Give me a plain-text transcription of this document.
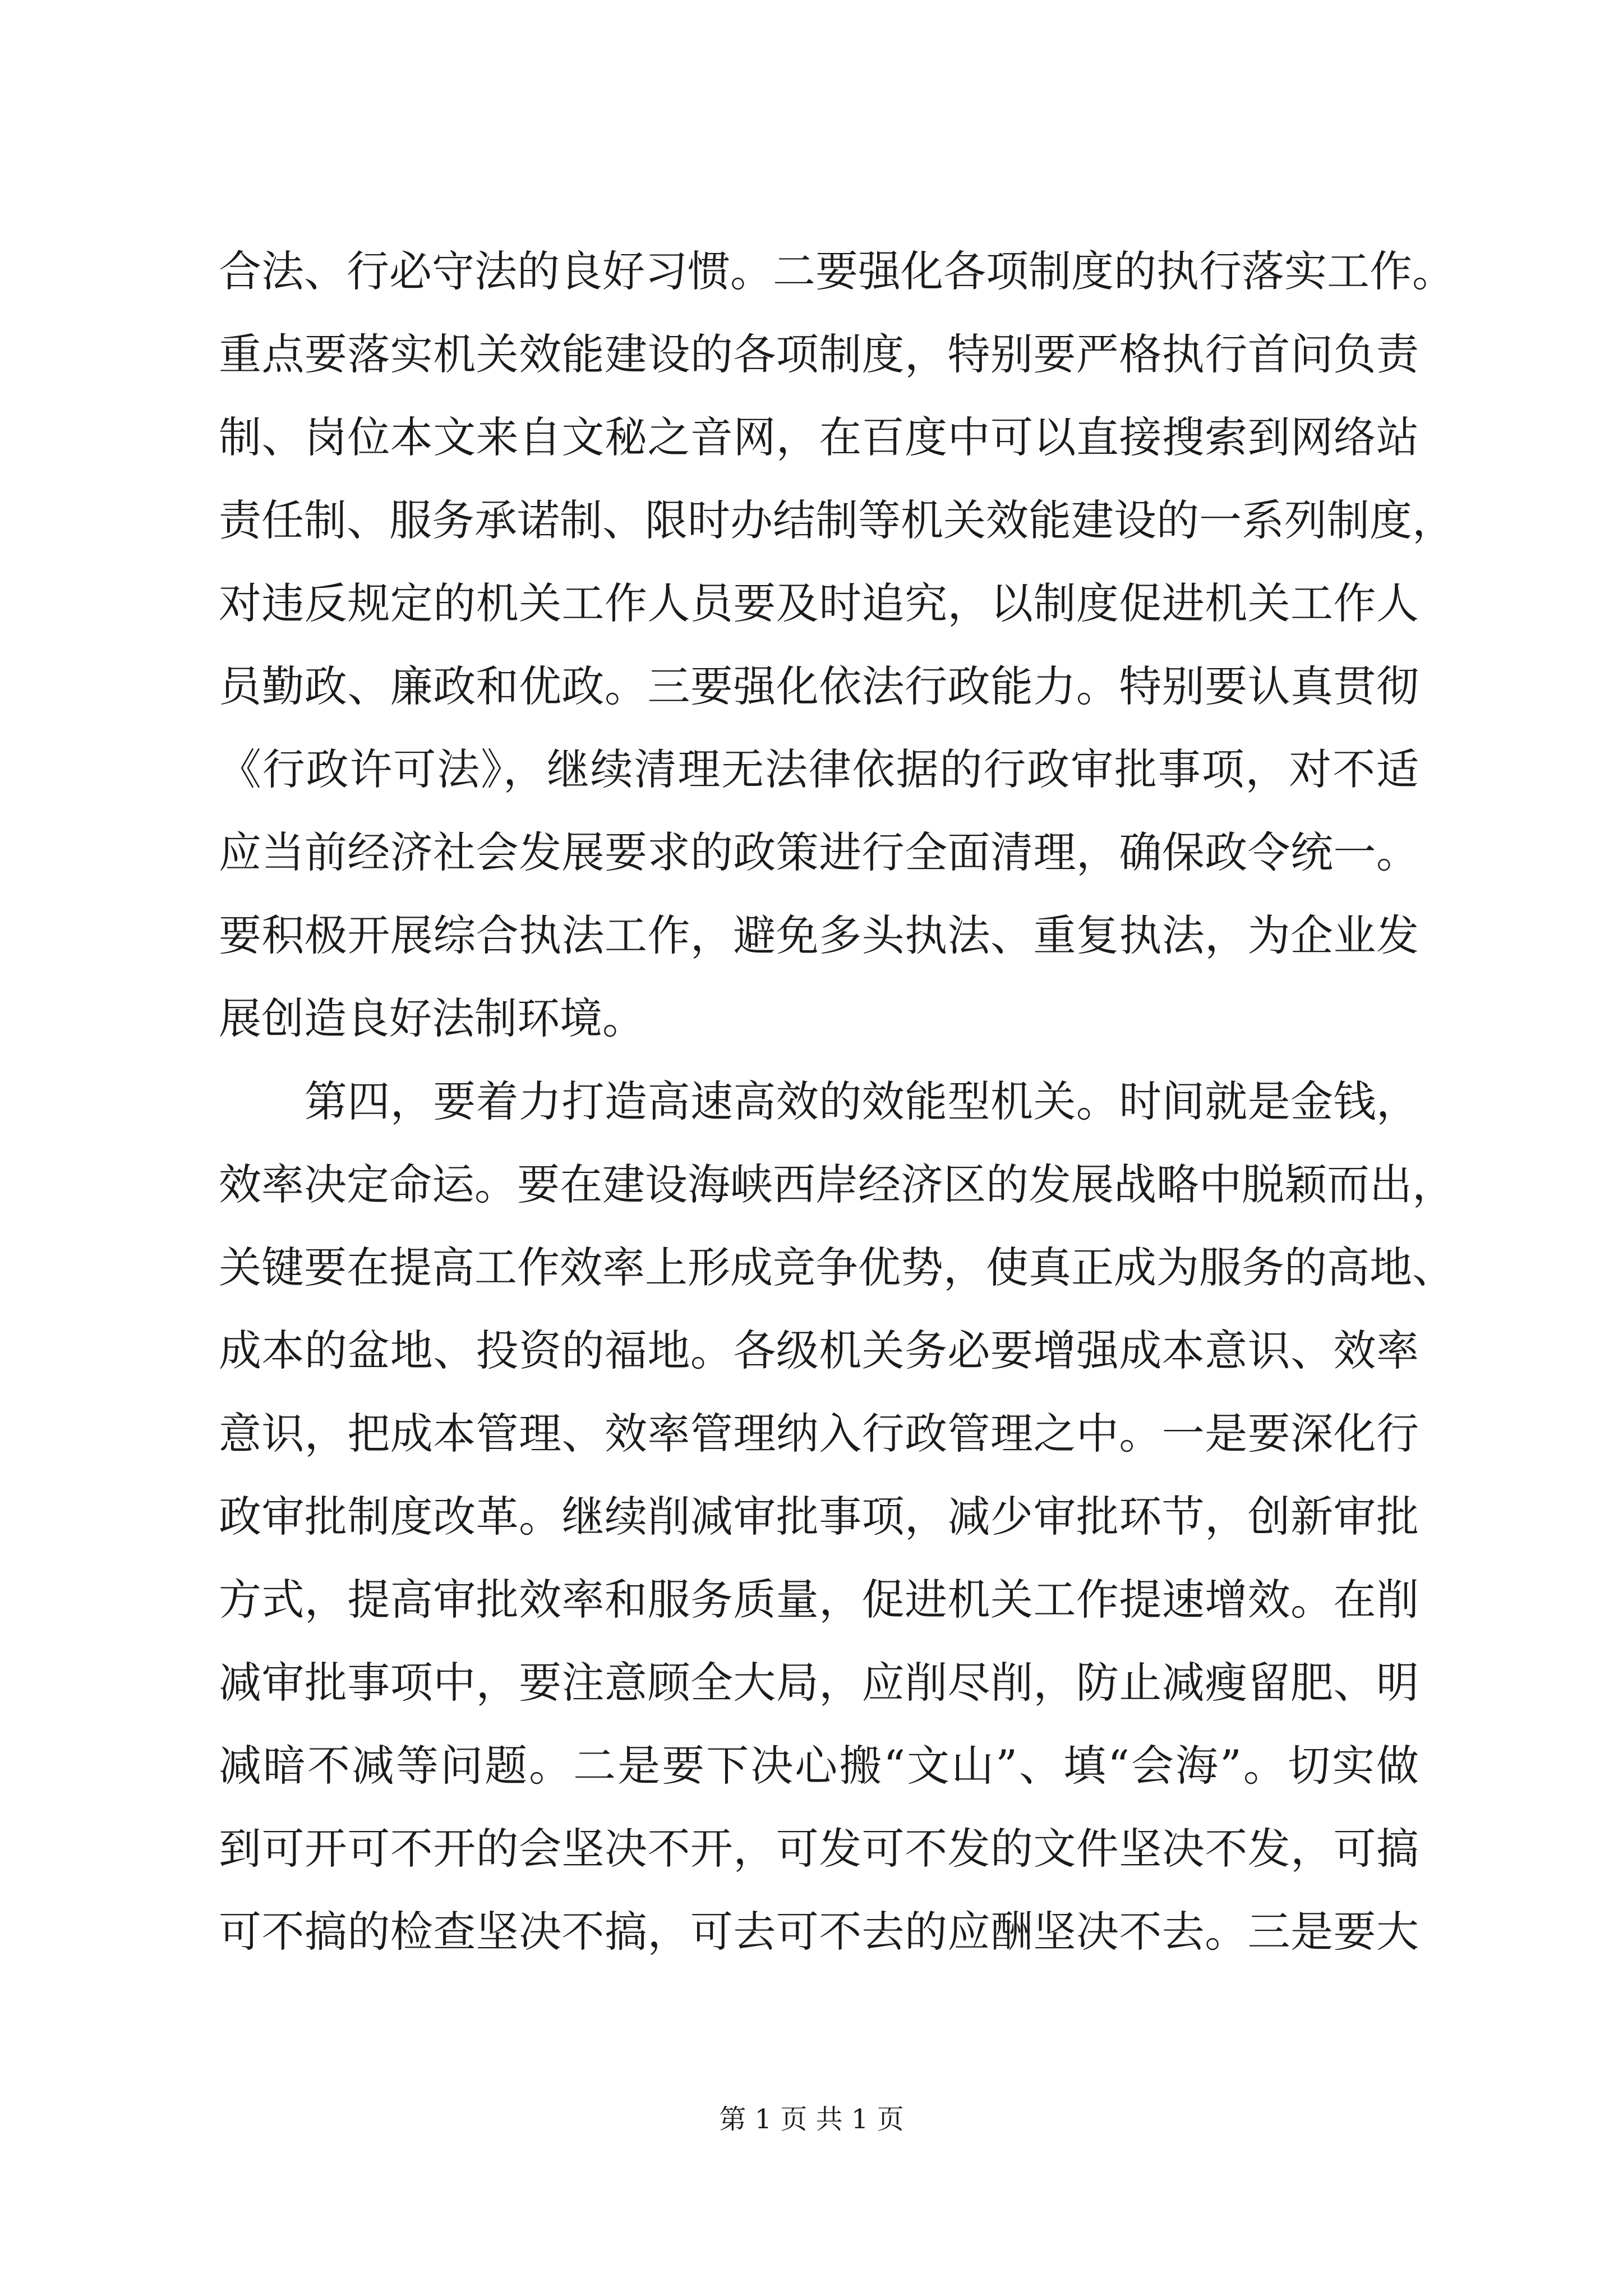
合法、行必守法的良好习惯。二要强化各项制度的执行落实工作。
重点要落实机关效能建设的各项制度，特别要严格执行首问负责
制、岗位本文来自文秘之音网，在百度中可以直接搜索到网络站
责任制、服务承诺制、限时办结制等机关效能建设的一系列制度，
对违反规定的机关工作人员要及时追究，以制度促进机关工作人
员勤政、廉政和优政。三要强化依法行政能力。特别要认真贯彻
《行政许可法》，继续清理无法律依据的行政审批事项，对不适
应当前经济社会发展要求的政策进行全面清理，确保政令统一。
要积极开展综合执法工作，避免多头执法、重复执法，为企业发
展创造良好法制环境。
　　第四，要着力打造高速高效的效能型机关。时间就是金钱，
效率决定命运。要在建设海峡西岸经济区的发展战略中脱颖而出，
关键要在提高工作效率上形成竞争优势，使真正成为服务的高地、
成本的盆地、投资的福地。各级机关务必要增强成本意识、效率
意识，把成本管理、效率管理纳入行政管理之中。一是要深化行
政审批制度改革。继续削减审批事项，减少审批环节，创新审批
方式，提高审批效率和服务质量，促进机关工作提速增效。在削
减审批事项中，要注意顾全大局，应削尽削，防止减瘦留肥、明
减暗不减等问题。二是要下决心搬“文山”、填“会海”。切实做
到可开可不开的会坚决不开，可发可不发的文件坚决不发，可搞
可不搞的检查坚决不搞，可去可不去的应酬坚决不去。三是要大
第 1 页 共 1 页
